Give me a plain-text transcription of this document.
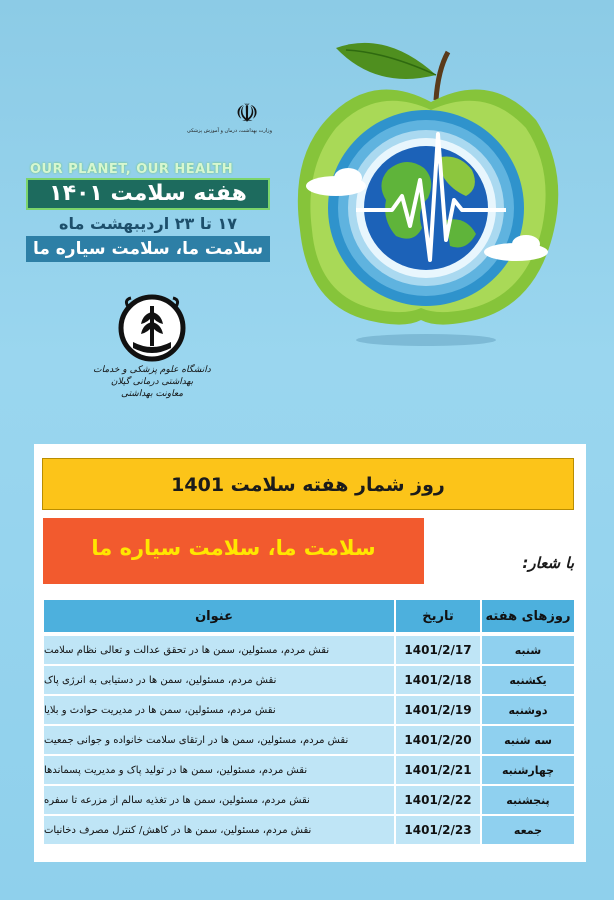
☫
وزارت بهداشت، درمان و آموزش پزشکی
OUR PLANET, OUR HEALTH
هفته سلامت ۱۴۰۱
۱۷ تا ۲۳ اردیبهشت ماه
سلامت ما، سلامت سیاره ما
دانشگاه علوم پزشکی و خدمات بهداشتی درمانی گیلان
معاونت بهداشتی
روز شمار هفته سلامت 1401
سلامت ما، سلامت سیاره ما
با شعار:
روزهای هفته
تاریخ
عنوان
شنبه
1401/2/17
نقش مردم، مسئولین، سمن ها در تحقق عدالت و تعالی نظام سلامت
یکشنبه
1401/2/18
نقش مردم، مسئولین، سمن ها در دستیابی به انرژی پاک
دوشنبه
1401/2/19
نقش مردم، مسئولین، سمن ها در مدیریت حوادث و بلایا
سه شنبه
1401/2/20
نقش مردم، مسئولین، سمن ها در ارتقای سلامت خانواده و جوانی جمعیت
چهارشنبه
1401/2/21
نقش مردم، مسئولین، سمن ها در تولید پاک و مدیریت پسماندها
پنجشنبه
1401/2/22
نقش مردم، مسئولین، سمن ها در تغذیه سالم از مزرعه تا سفره
جمعه
1401/2/23
نقش مردم، مسئولین، سمن ها در کاهش/ کنترل مصرف دخانیات
